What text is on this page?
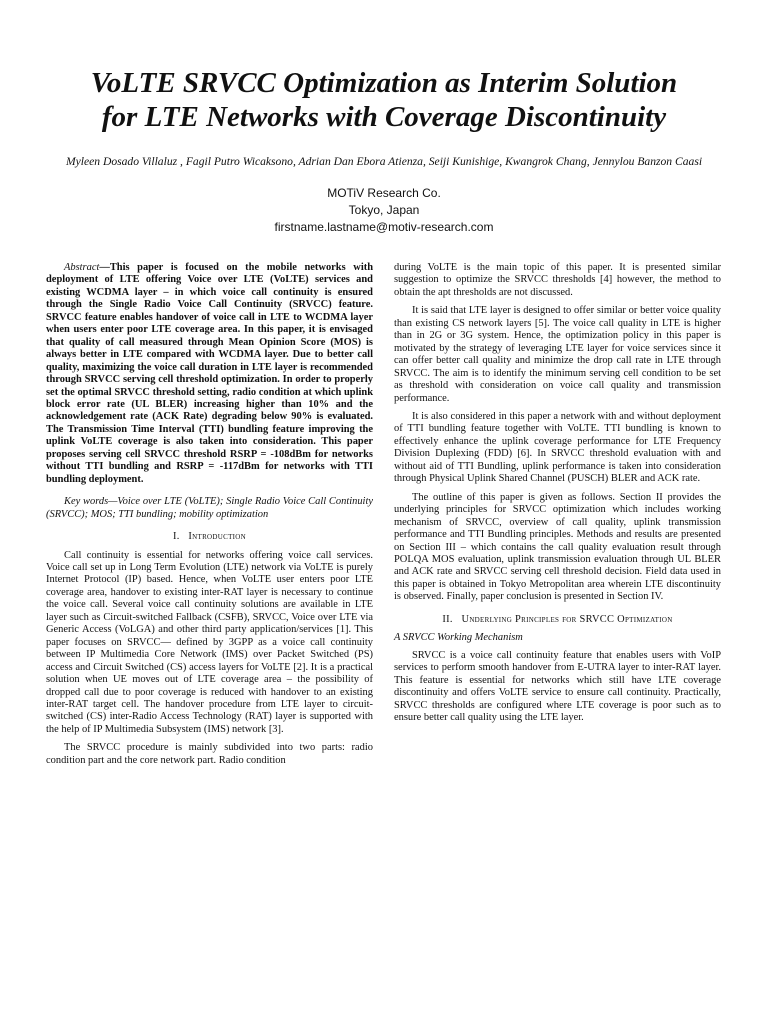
VoLTE SRVCC Optimization as Interim Solution
for LTE Networks with Coverage Discontinuity
Myleen Dosado Villaluz , Fagil Putro Wicaksono, Adrian Dan Ebora Atienza, Seiji Kunishige, Kwangrok Chang, Jennylou Banzon Caasi
MOTiV Research Co.
Tokyo, Japan
firstname.lastname@motiv-research.com

Abstract—This paper is focused on the mobile networks with deployment of LTE offering Voice over LTE (VoLTE) services and existing WCDMA layer – in which voice call continuity is ensured through the Single Radio Voice Call Continuity (SRVCC) feature. SRVCC feature enables handover of voice call in LTE to WCDMA layer when users enter poor LTE coverage area. In this paper, it is envisaged that quality of call measured through Mean Opinion Score (MOS) is always better in LTE compared with WCDMA layer. Due to better call quality, maximizing the voice call duration in LTE layer is recommended through SRVCC serving cell threshold optimization. In order to properly set the optimal SRVCC threshold setting, radio condition at which uplink block error rate (UL BLER) increasing higher than 10% and the acknowledgement rate (ACK Rate) degrading below 90% is evaluated. The Transmission Time Interval (TTI) bundling feature improving the uplink VoLTE coverage is also taken into consideration. This paper proposes serving cell SRVCC threshold RSRP = -108dBm for networks without TTI bundling and RSRP = -117dBm for networks with TTI bundling deployment.

Key words—Voice over LTE (VoLTE); Single Radio Voice Call Continuity (SRVCC); MOS; TTI bundling; mobility optimization

I. Introduction

Call continuity is essential for networks offering voice call services. Voice call set up in Long Term Evolution (LTE) network via VoLTE is purely Internet Protocol (IP) based. Hence, when VoLTE user enters poor LTE coverage area, handover to existing inter-RAT layer is necessary to continue the voice call. Several voice call continuity solutions are available in LTE layer such as Circuit-switched Fallback (CSFB), SRVCC, Voice over LTE via Generic Access (VoLGA) and other third party application/services [1]. This paper focuses on SRVCC— defined by 3GPP as a voice call continuity between IP Multimedia Core Network (IMS) over Packet Switched (PS) access and Circuit Switched (CS) access layers for VoLTE [2]. It is a practical solution when UE moves out of LTE coverage area – the possibility of dropped call due to poor coverage is reduced with handover to an existing inter-RAT target cell. The handover procedure from LTE layer to circuit-switched (CS) inter-Radio Access Technology (RAT) layer is supported with the help of IP Multimedia Subsystem (IMS) network [3].

The SRVCC procedure is mainly subdivided into two parts: radio condition part and the core network part. Radio condition

during VoLTE is the main topic of this paper. It is presented similar suggestion to optimize the SRVCC thresholds [4] however, the method to obtain the apt thresholds are not discussed.

It is said that LTE layer is designed to offer similar or better voice quality than existing CS network layers [5]. The voice call quality in LTE is higher than in 2G or 3G system. Hence, the optimization policy in this paper is motivated by the strategy of leveraging LTE layer for voice services since it can offer better call quality and minimize the drop call rate in LTE through SRVCC. The aim is to identify the minimum serving cell condition to be set as threshold with consideration on voice call quality and transmission performance.

It is also considered in this paper a network with and without deployment of TTI bundling feature together with VoLTE. TTI bundling is known to effectively enhance the uplink coverage performance for LTE Frequency Division Duplexing (FDD) [6]. In SRVCC threshold evaluation with and without aid of TTI Bundling, uplink performance is taken into consideration through Physical Uplink Shared Channel (PUSCH) BLER and ACK rate.

The outline of this paper is given as follows. Section II provides the underlying principles for SRVCC optimization which includes working mechanism of SRVCC, overview of call quality, uplink transmission performance and TTI Bundling principles. Methods and results are presented on Section III – which contains the call quality evaluation result through POLQA MOS evaluation, uplink transmission evaluation through UL BLER and ACK rate and SRVCC serving cell threshold decision. Field data used in this paper is obtained in Tokyo Metropolitan area wherein LTE discontinuity is observed. Finally, paper conclusion is presented in Section IV.

II. Underlying Principles for SRVCC Optimization

A SRVCC Working Mechanism

SRVCC is a voice call continuity feature that enables users with VoIP services to perform smooth handover from E-UTRA layer to inter-RAT layer. This feature is essential for networks which still have LTE coverage discontinuity and offers VoLTE service to ensure call continuity. Practically, SRVCC thresholds are configured where LTE coverage is poor such as to ensure better call quality using the LTE layer.
